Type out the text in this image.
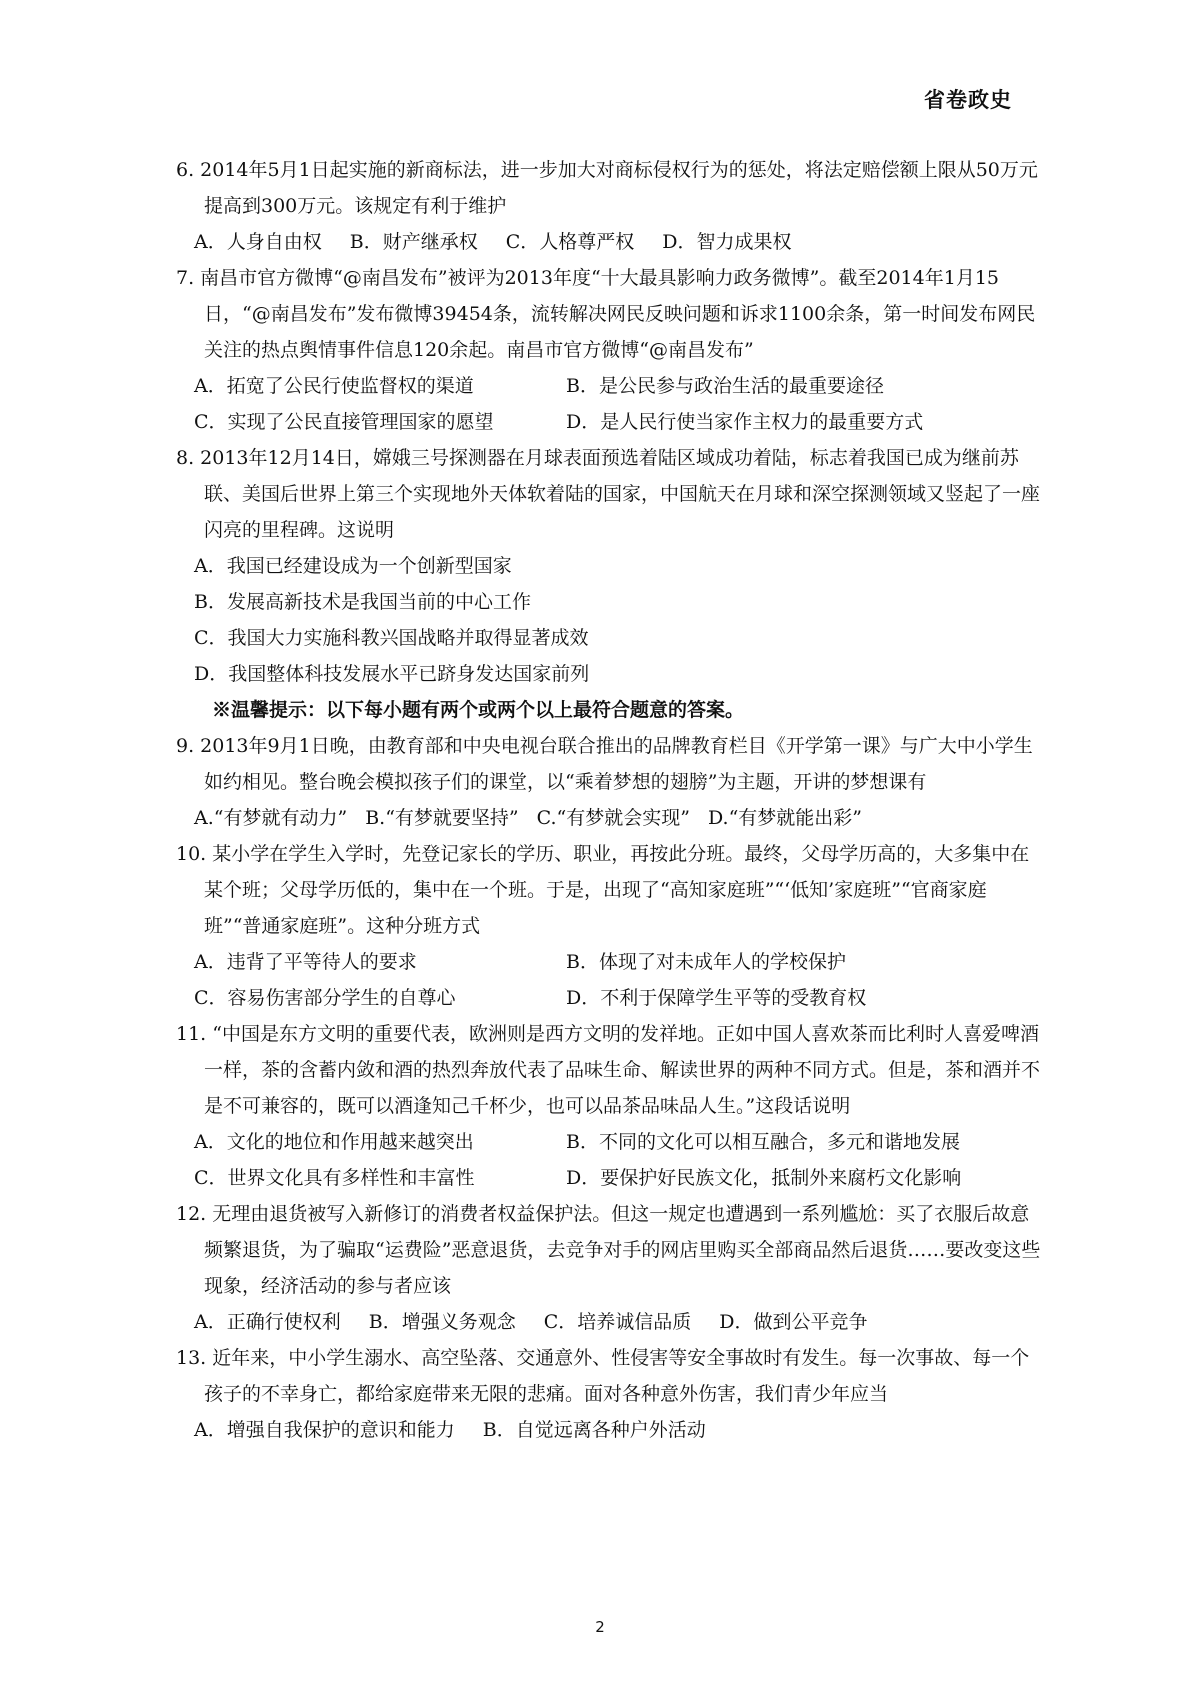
省卷政史

6. 2014年5月1日起实施的新商标法，进一步加大对商标侵权行为的惩处，将法定赔偿额上限从50万元提高到300万元。该规定有利于维护

A．人身自由权 B．财产继承权 C．人格尊严权 D．智力成果权

7. 南昌市官方微博“@南昌发布”被评为2013年度“十大最具影响力政务微博”。截至2014年1月15日，“@南昌发布”发布微博39454条，流转解决网民反映问题和诉求1100余条，第一时间发布网民关注的热点舆情事件信息120余起。南昌市官方微博“@南昌发布”

A．拓宽了公民行使监督权的渠道	B．是公民参与政治生活的最重要途径
C．实现了公民直接管理国家的愿望	D．是人民行使当家作主权力的最重要方式

8. 2013年12月14日，嫦娥三号探测器在月球表面预选着陆区域成功着陆，标志着我国已成为继前苏联、美国后世界上第三个实现地外天体软着陆的国家，中国航天在月球和深空探测领域又竖起了一座闪亮的里程碑。这说明

A．我国已经建设成为一个创新型国家
B．发展高新技术是我国当前的中心工作
C．我国大力实施科教兴国战略并取得显著成效
D．我国整体科技发展水平已跻身发达国家前列

※温馨提示：以下每小题有两个或两个以上最符合题意的答案。

9. 2013年9月1日晚，由教育部和中央电视台联合推出的品牌教育栏目《开学第一课》与广大中小学生如约相见。整台晚会模拟孩子们的课堂，以“乘着梦想的翅膀”为主题，开讲的梦想课有

A.“有梦就有动力” B.“有梦就要坚持” C.“有梦就会实现” D.“有梦就能出彩”

10. 某小学在学生入学时，先登记家长的学历、职业，再按此分班。最终，父母学历高的，大多集中在某个班；父母学历低的，集中在一个班。于是，出现了“高知家庭班”“‘低知’家庭班”“官商家庭班”“普通家庭班”。这种分班方式

A．违背了平等待人的要求	B．体现了对未成年人的学校保护
C．容易伤害部分学生的自尊心	D．不利于保障学生平等的受教育权

11. “中国是东方文明的重要代表，欧洲则是西方文明的发祥地。正如中国人喜欢茶而比利时人喜爱啤酒一样，茶的含蓄内敛和酒的热烈奔放代表了品味生命、解读世界的两种不同方式。但是，茶和酒并不是不可兼容的，既可以酒逢知己千杯少，也可以品茶品味品人生。”这段话说明

A．文化的地位和作用越来越突出	B．不同的文化可以相互融合，多元和谐地发展
C．世界文化具有多样性和丰富性	D．要保护好民族文化，抵制外来腐朽文化影响

12. 无理由退货被写入新修订的消费者权益保护法。但这一规定也遭遇到一系列尴尬：买了衣服后故意频繁退货，为了骗取“运费险”恶意退货，去竞争对手的网店里购买全部商品然后退货……要改变这些现象，经济活动的参与者应该

A．正确行使权利 B．增强义务观念 C．培养诚信品质 D．做到公平竞争

13. 近年来，中小学生溺水、高空坠落、交通意外、性侵害等安全事故时有发生。每一次事故、每一个孩子的不幸身亡，都给家庭带来无限的悲痛。面对各种意外伤害，我们青少年应当

A．增强自我保护的意识和能力 B．自觉远离各种户外活动
2
